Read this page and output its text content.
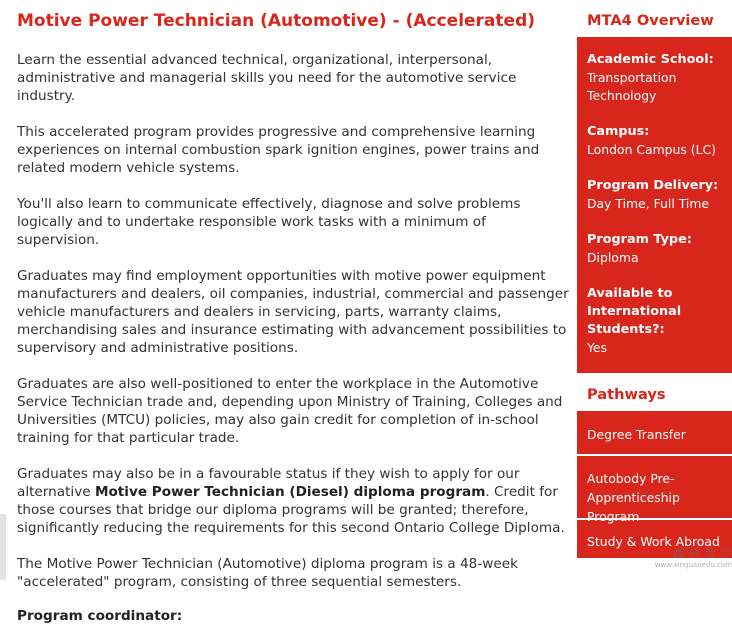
Motive Power Technician (Automotive) - (Accelerated)

Learn the essential advanced technical, organizational, interpersonal, administrative and managerial skills you need for the automotive service industry.

This accelerated program provides progressive and comprehensive learning experiences on internal combustion spark ignition engines, power trains and related modern vehicle systems.

You'll also learn to communicate effectively, diagnose and solve problems logically and to undertake responsible work tasks with a minimum of supervision.

Graduates may find employment opportunities with motive power equipment manufacturers and dealers, oil companies, industrial, commercial and passenger vehicle manufacturers and dealers in servicing, parts, warranty claims, merchandising sales and insurance estimating with advancement possibilities to supervisory and administrative positions.

Graduates are also well-positioned to enter the workplace in the Automotive Service Technician trade and, depending upon Ministry of Training, Colleges and Universities (MTCU) policies, may also gain credit for completion of in-school training for that particular trade.

Graduates may also be in a favourable status if they wish to apply for our alternative Motive Power Technician (Diesel) diploma program. Credit for those courses that bridge our diploma programs will be granted; therefore, significantly reducing the requirements for this second Ontario College Diploma.

The Motive Power Technician (Automotive) diploma program is a 48-week "accelerated" program, consisting of three sequential semesters.

Program coordinator:
MTA4 Overview
Academic School:
Transportation Technology
Campus:
London Campus (LC)
Program Delivery:
Day Time, Full Time
Program Type:
Diploma
Available to International Students?:
Yes
Pathways
Degree Transfer
Autobody Pre-Apprenticeship Program
Study & Work Abroad
鑫 泉 留 学
www.xinquanedu.com
